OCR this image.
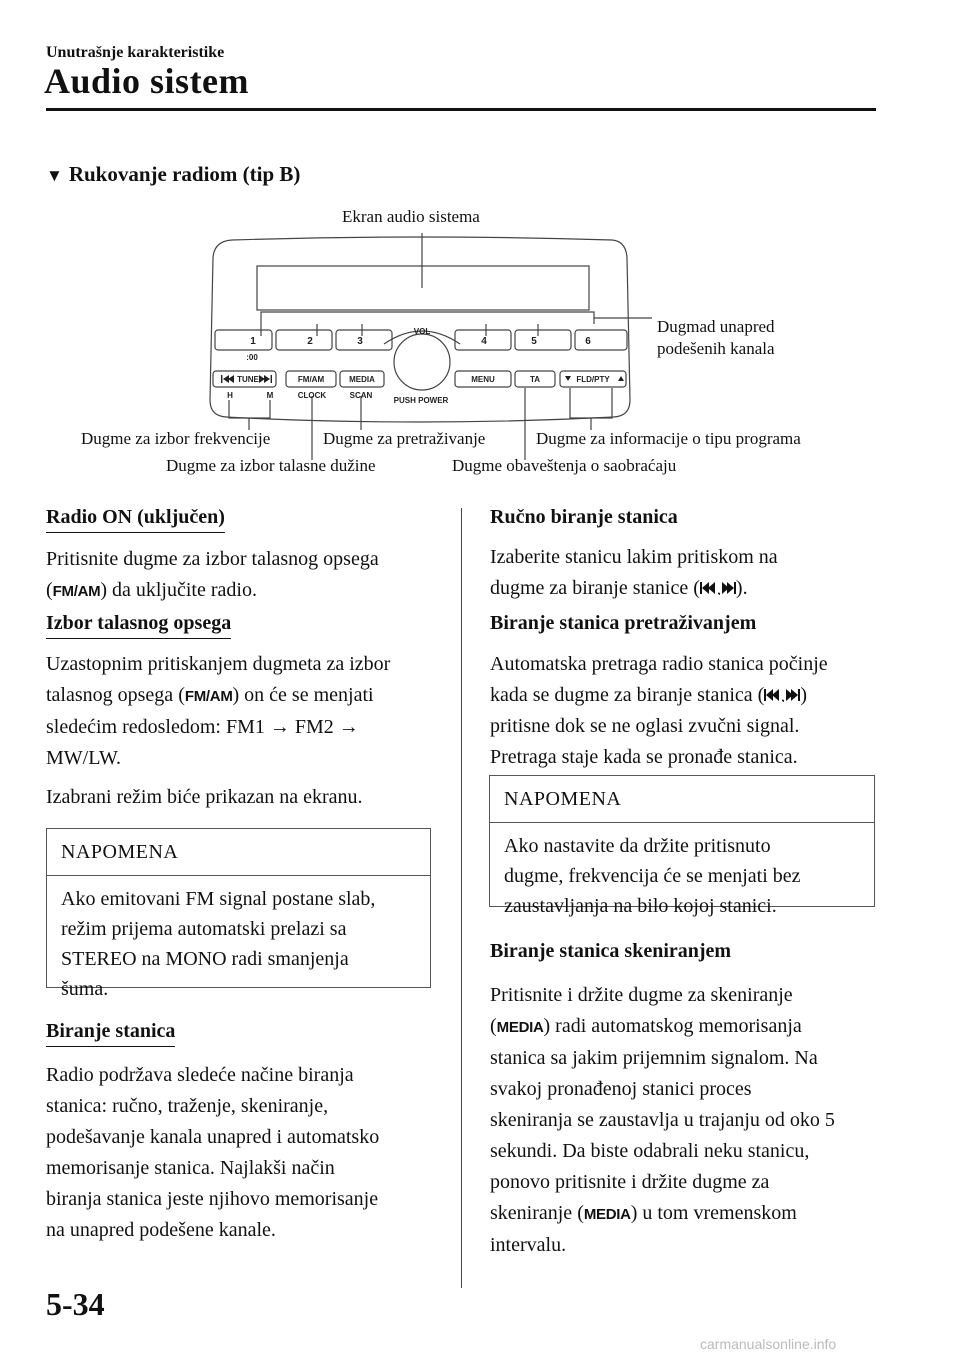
Unutrašnje karakteristike
Audio sistem
▼ Rukovanje radiom (tip B)
1	2	3	4	5	6
:00
VOL
PUSH POWER
TUNE	FM/AM	MEDIA	MENU	TA	FLD/PTY
H	M	CLOCK	SCAN
Ekran audio sistema
Dugmad unapred
podešenih kanala
Dugme za izbor frekvencije	Dugme za pretraživanje	Dugme za informacije o tipu programa
Dugme za izbor talasne dužine	Dugme obaveštenja o saobraćaju
Radio ON (uključen)
Pritisnite dugme za izbor talasnog opsega
(FM/AM) da uključite radio.
Izbor talasnog opsega
Uzastopnim pritiskanjem dugmeta za izbor
talasnog opsega (FM/AM) on će se menjati
sledećim redosledom: FM1 → FM2 →
MW/LW.
Izabrani režim biće prikazan na ekranu.
NAPOMENA
Ako emitovani FM signal postane slab,
režim prijema automatski prelazi sa
STEREO na MONO radi smanjenja
šuma.
Biranje stanica
Radio podržava sledeće načine biranja
stanica: ručno, traženje, skeniranje,
podešavanje kanala unapred i automatsko
memorisanje stanica. Najlakši način
biranja stanica jeste njihovo memorisanje
na unapred podešene kanale.
Ručno biranje stanica
Izaberite stanicu lakim pritiskom na
dugme za biranje stanice ( , ).
Biranje stanica pretraživanjem
Automatska pretraga radio stanica počinje
kada se dugme za biranje stanica ( , )
pritisne dok se ne oglasi zvučni signal.
Pretraga staje kada se pronađe stanica.
NAPOMENA
Ako nastavite da držite pritisnuto
dugme, frekvencija će se menjati bez
zaustavljanja na bilo kojoj stanici.
Biranje stanica skeniranjem
Pritisnite i držite dugme za skeniranje
(MEDIA) radi automatskog memorisanja
stanica sa jakim prijemnim signalom. Na
svakoj pronađenoj stanici proces
skeniranja se zaustavlja u trajanju od oko 5
sekundi. Da biste odabrali neku stanicu,
ponovo pritisnite i držite dugme za
skeniranje (MEDIA) u tom vremenskom
intervalu.
5-34
carmanualsonline.info
